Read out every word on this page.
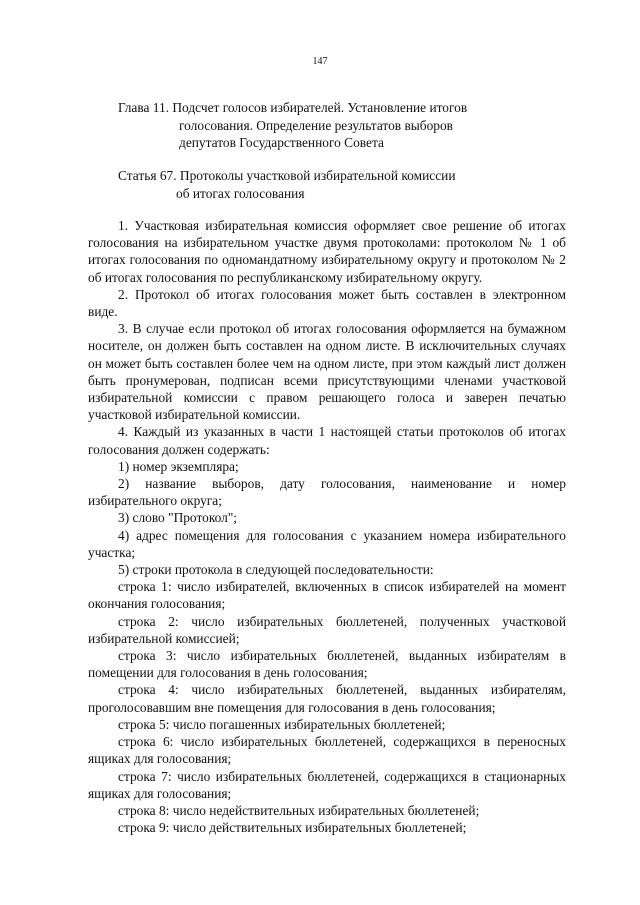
147
Глава 11. Подсчет голосов избирателей. Установление итогов
голосования. Определение результатов выборов
депутатов Государственного Совета
Статья 67. Протоколы участковой избирательной комиссии
об итогах голосования

1. Участковая избирательная комиссия оформляет свое решение об итогах голосования на избирательном участке двумя протоколами: протоколом № 1 об итогах голосования по одномандатному избирательному округу и протоколом № 2 об итогах голосования по республиканскому избирательному округу.

2. Протокол об итогах голосования может быть составлен в электронном виде.

3. В случае если протокол об итогах голосования оформляется на бумажном носителе, он должен быть составлен на одном листе. В исключительных случаях он может быть составлен более чем на одном листе, при этом каждый лист должен быть пронумерован, подписан всеми присутствующими членами участковой избирательной комиссии с правом решающего голоса и заверен печатью участковой избирательной комиссии.

4. Каждый из указанных в части 1 настоящей статьи протоколов об итогах голосования должен содержать:

1) номер экземпляра;

2) название выборов, дату голосования, наименование и номер избирательного округа;

3) слово "Протокол";

4) адрес помещения для голосования с указанием номера избирательного участка;

5) строки протокола в следующей последовательности:

строка 1: число избирателей, включенных в список избирателей на момент окончания голосования;

строка 2: число избирательных бюллетеней, полученных участковой избирательной комиссией;

строка 3: число избирательных бюллетеней, выданных избирателям в помещении для голосования в день голосования;

строка 4: число избирательных бюллетеней, выданных избирателям, проголосовавшим вне помещения для голосования в день голосования;

строка 5: число погашенных избирательных бюллетеней;

строка 6: число избирательных бюллетеней, содержащихся в переносных ящиках для голосования;

строка 7: число избирательных бюллетеней, содержащихся в стационарных ящиках для голосования;

строка 8: число недействительных избирательных бюллетеней;

строка 9: число действительных избирательных бюллетеней;
